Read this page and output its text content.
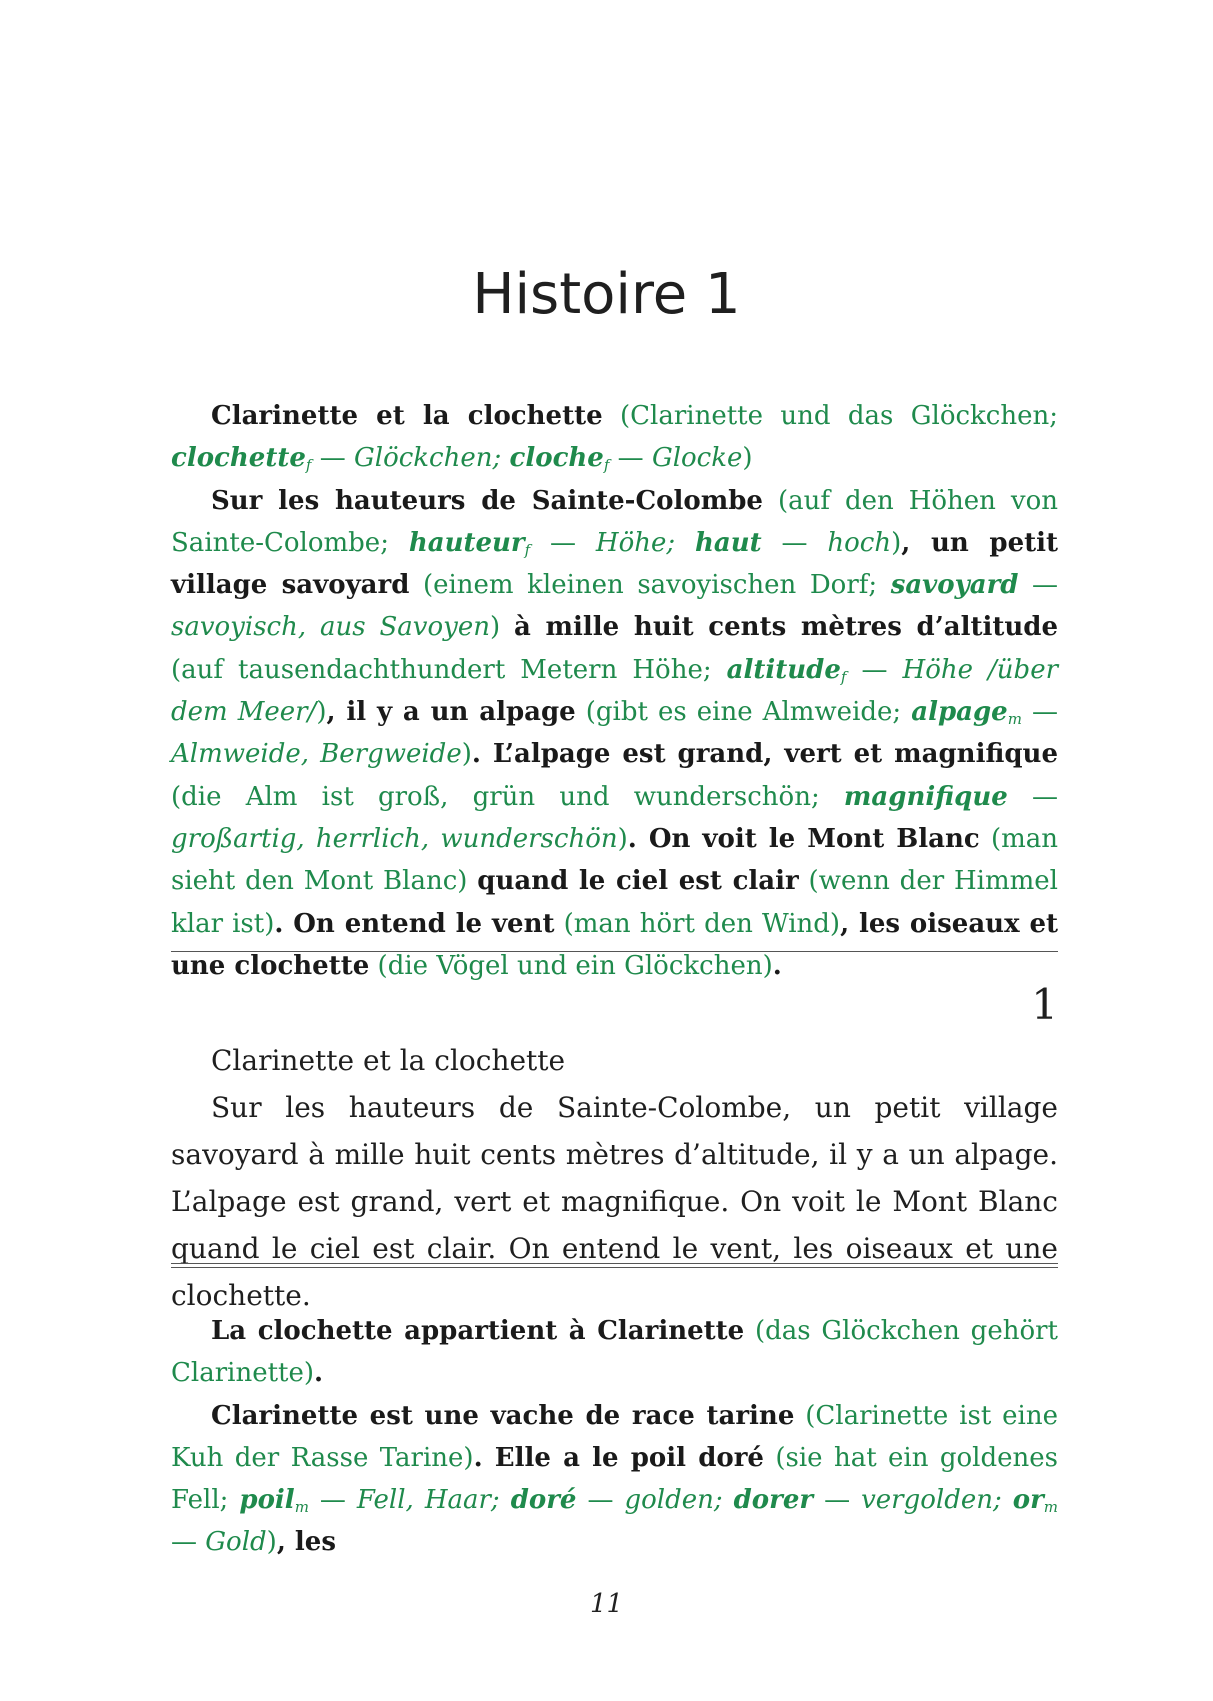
Histoire 1

Clarinette et la clochette (Clarinette und das Glöckchen; clochette$_f$ — Glöckchen; cloche$_f$ — Glocke)

Sur les hauteurs de Sainte-Colombe (auf den Höhen von Sainte-Colombe; hauteur$_f$ — Höhe; haut — hoch), un petit village savoyard (einem kleinen savoyischen Dorf; savoyard — savoyisch, aus Savoyen) à mille huit cents mètres d’altitude (auf tausendachthundert Metern Höhe; altitude$_f$ — Höhe /über dem Meer/), il y a un alpage (gibt es eine Almweide; alpage$_m$ — Almweide, Bergweide). L’alpage est grand, vert et magnifique (die Alm ist groß, grün und wunderschön; magnifique — großartig, herrlich, wunderschön). On voit le Mont Blanc (man sieht den Mont Blanc) quand le ciel est clair (wenn der Himmel klar ist). On entend le vent (man hört den Wind), les oiseaux et une clochette (die Vögel und ein Glöckchen).

1

Clarinette et la clochette

Sur les hauteurs de Sainte-Colombe, un petit village savoyard à mille huit cents mètres d’altitude, il y a un alpage. L’alpage est grand, vert et magnifique. On voit le Mont Blanc quand le ciel est clair. On entend le vent, les oiseaux et une clochette.

La clochette appartient à Clarinette (das Glöckchen gehört Clarinette).

Clarinette est une vache de race tarine (Clarinette ist eine Kuh der Rasse Tarine). Elle a le poil doré (sie hat ein goldenes Fell; poil$_m$ — Fell, Haar; doré — golden; dorer — vergolden; $or_m$ — Gold), les

11
